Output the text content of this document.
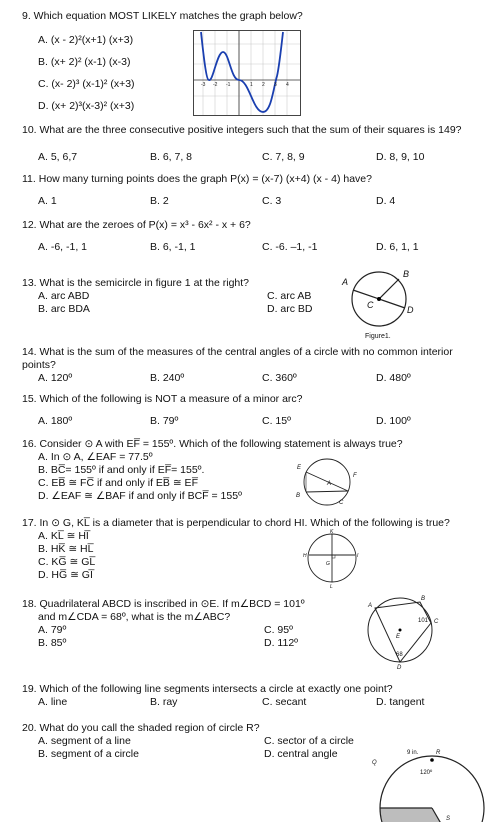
9. Which equation MOST LIKELY matches the graph below?
A. (x - 2)²(x+1) (x+3)
B. (x+ 2)² (x-1) (x-3)
C. (x- 2)³ (x-1)² (x+3)
D. (x+ 2)³(x-3)² (x+3)
-3 -2 -1	1 2 3 4
10. What are the three consecutive positive integers such that the sum of their squares is 149?
A. 5, 6,7	B. 6, 7, 8	C. 7, 8, 9	D. 8, 9, 10
11. How many turning points does the graph P(x) = (x-7) (x+4) (x - 4) have?
A. 1	B. 2	C. 3	D. 4
12. What are the zeroes of P(x) = x³ - 6x² - x + 6?
A. -6, -1, 1	B. 6, -1, 1	C. -6. –1, -1	D. 6, 1, 1
13. What is the semicircle in figure 1 at the right?
A. arc ABD
B. arc BDA
C. arc AB
D. arc BD
A
B
C	D
Figure1.
14. What is the sum of the measures of the central angles of a circle with no common interior points?
A. 120º	B. 240º	C. 360º	D. 480º
15. Which of the following is NOT a measure of a minor arc?
A. 180º	B. 79º	C. 15º	D. 100º
16. Consider ⊙ A with EF̅ = 155º. Which of the following statement is always true?
A. In ⊙ A, ∠EAF = 77.5º
B. BC̅= 155º if and only if EF̅= 155º.
C. EB̅ ≅ FC̅ if and only if EB̅ ≅ EF̅
D. ∠EAF ≅ ∠BAF if and only if BCF̅ = 155º
E
F
A
B
C
17. In ⊙ G, KL̅ is a diameter that is perpendicular to chord HI. Which of the following is true?
A. KL̅ ≅ HI̅
B. HK̅ ≅ HL̅
C. KG̅ ≅ GL̅
D. HG̅ ≅ GI̅
K
H	I
G
L
18. Quadrilateral ABCD is inscribed in ⊙E. If m∠BCD = 101º
and m∠CDA = 68º, what is the m∠ABC?
A. 79º
B. 85º
C. 95º
D. 112º
A
B
C
E
D
101
68
19. Which of the following line segments intersects a circle at exactly one point?
A. line	B. ray	C. secant	D. tangent
20. What do you call the shaded region of circle R?
A. segment of a line
B. segment of a circle
C. sector of a circle
D. central angle	9 in.	R
Q
120º
S
